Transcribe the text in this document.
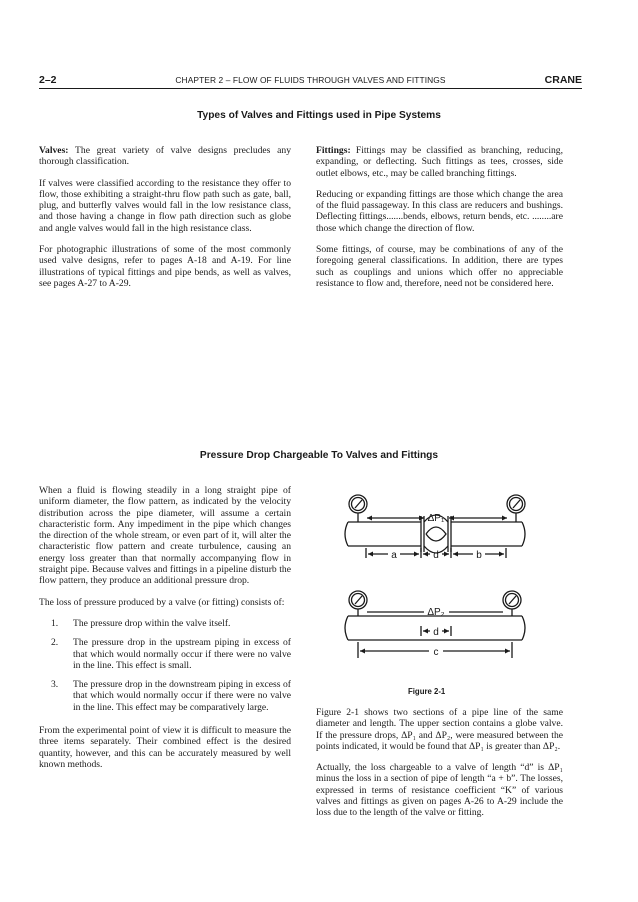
2–2	CHAPTER 2 – FLOW OF FLUIDS THROUGH VALVES AND FITTINGS	CRANE
Types of Valves and Fittings used in Pipe Systems

Valves: The great variety of valve designs precludes any thorough classification.

If valves were classified according to the resistance they offer to flow, those exhibiting a straight-thru flow path such as gate, ball, plug, and butterfly valves would fall in the low resistance class, and those having a change in flow path direction such as globe and angle valves would fall in the high resistance class.

For photographic illustrations of some of the most commonly used valve designs, refer to pages A-18 and A-19. For line illustrations of typical fittings and pipe bends, as well as valves, see pages A-27 to A-29.

Fittings: Fittings may be classified as branching, reducing, expanding, or deflecting. Such fittings as tees, crosses, side outlet elbows, etc., may be called branching fittings.

Reducing or expanding fittings are those which change the area of the fluid passageway. In this class are reducers and bushings. Deflecting fittings.......bends, elbows, return bends, etc. ........are those which change the direction of flow.

Some fittings, of course, may be combinations of any of the foregoing general classifications. In addition, there are types such as couplings and unions which offer no appreciable resistance to flow and, therefore, need not be considered here.

Pressure Drop Chargeable To Valves and Fittings

When a fluid is flowing steadily in a long straight pipe of uniform diameter, the flow pattern, as indicated by the velocity distribution across the pipe diameter, will assume a certain characteristic form. Any impediment in the pipe which changes the direction of the whole stream, or even part of it, will alter the characteristic flow pattern and create turbulence, causing an energy loss greater than that normally accompanying flow in straight pipe. Because valves and fittings in a pipeline disturb the flow pattern, they produce an additional pressure drop.

The loss of pressure produced by a valve (or fitting) consists of:

1. The pressure drop within the valve itself.
2. The pressure drop in the upstream piping in excess of that which would normally occur if there were no valve in the line. This effect is small.
3. The pressure drop in the downstream piping in excess of that which would normally occur if there were no valve in the line. This effect may be comparatively large.

From the experimental point of view it is difficult to measure the three items separately. Their combined effect is the desired quantity, however, and this can be accurately measured by well known methods.

ΔP₁
a	d	b
ΔP₂
d
c
Figure 2-1

Figure 2-1 shows two sections of a pipe line of the same diameter and length. The upper section contains a globe valve. If the pressure drops, ΔP₁ and ΔP₂, were measured between the points indicated, it would be found that ΔP₁ is greater than ΔP₂.

Actually, the loss chargeable to a valve of length “d” is ΔP₁ minus the loss in a section of pipe of length “a + b”. The losses, expressed in terms of resistance coefficient “K” of various valves and fittings as given on pages A-26 to A-29 include the loss due to the length of the valve or fitting.
